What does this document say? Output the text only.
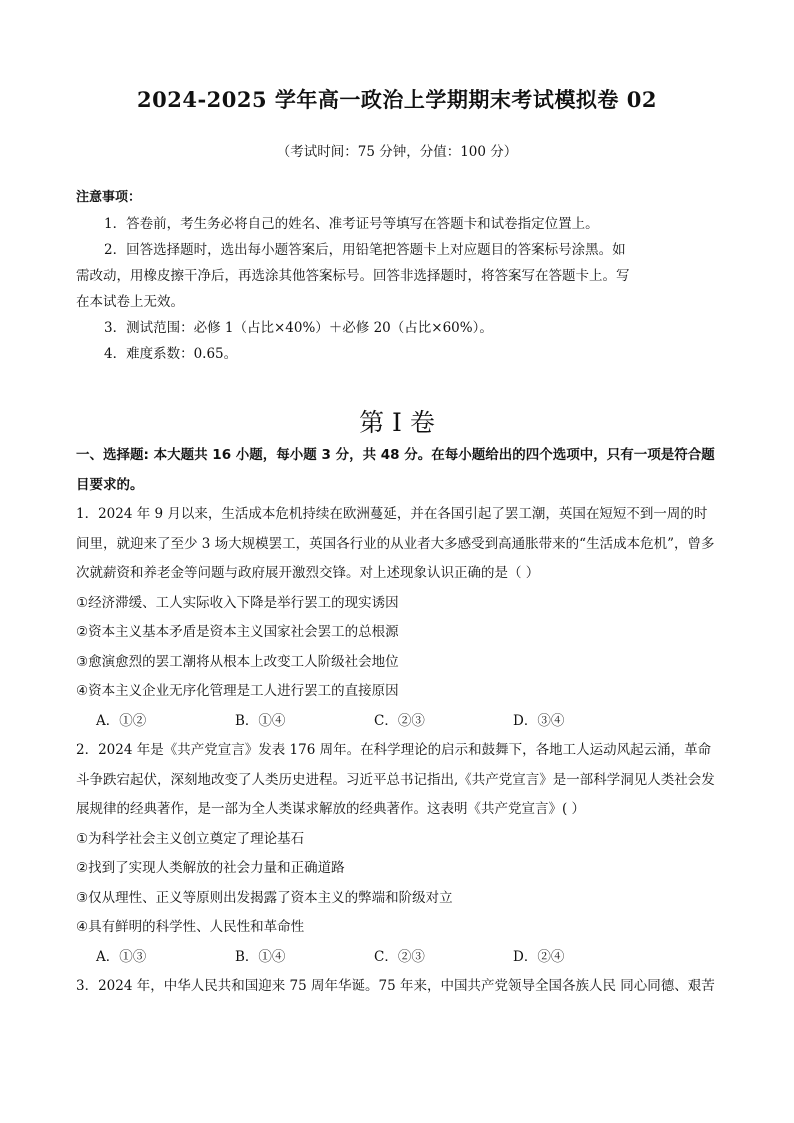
2024-2025 学年高一政治上学期期末考试模拟卷 02
（考试时间：75 分钟，分值：100 分）
注意事项：

1．答卷前，考生务必将自己的姓名、准考证号等填写在答题卡和试卷指定位置上。

2．回答选择题时，选出每小题答案后，用铅笔把答题卡上对应题目的答案标号涂黑。如

需改动，用橡皮擦干净后，再选涂其他答案标号。回答非选择题时，将答案写在答题卡上。写

在本试卷上无效。

3．测试范围：必修 1（占比×40%）＋必修 20（占比×60%）。

4．难度系数：0.65。

第 I 卷

一、选择题: 本大题共 16 小题，每小题 3 分，共 48 分。在每小题给出的四个选项中，只有一项是符合题目要求的。

1．2024 年 9 月以来，生活成本危机持续在欧洲蔓延，并在各国引起了罢工潮，英国在短短不到一周的时间里，就迎来了至少 3 场大规模罢工，英国各行业的从业者大多感受到高通胀带来的“生活成本危机”，曾多次就薪资和养老金等问题与政府展开激烈交锋。对上述现象认识正确的是（ ）

①经济滞缓、工人实际收入下降是举行罢工的现实诱因

②资本主义基本矛盾是资本主义国家社会罢工的总根源

③愈演愈烈的罢工潮将从根本上改变工人阶级社会地位

④资本主义企业无序化管理是工人进行罢工的直接原因

A．①②	B．①④	C．②③	D．③④

2．2024 年是《共产党宣言》发表 176 周年。在科学理论的启示和鼓舞下，各地工人运动风起云涌，革命斗争跌宕起伏，深刻地改变了人类历史进程。习近平总书记指出,《共产党宣言》是一部科学洞见人类社会发展规律的经典著作，是一部为全人类谋求解放的经典著作。这表明《共产党宣言》( ）

①为科学社会主义创立奠定了理论基石

②找到了实现人类解放的社会力量和正确道路

③仅从理性、正义等原则出发揭露了资本主义的弊端和阶级对立

④具有鲜明的科学性、人民性和革命性

A．①③	B．①④	C．②③	D．②④

3．2024 年，中华人民共和国迎来 75 周年华诞。75 年来，中国共产党领导全国各族人民 同心同德、艰苦
